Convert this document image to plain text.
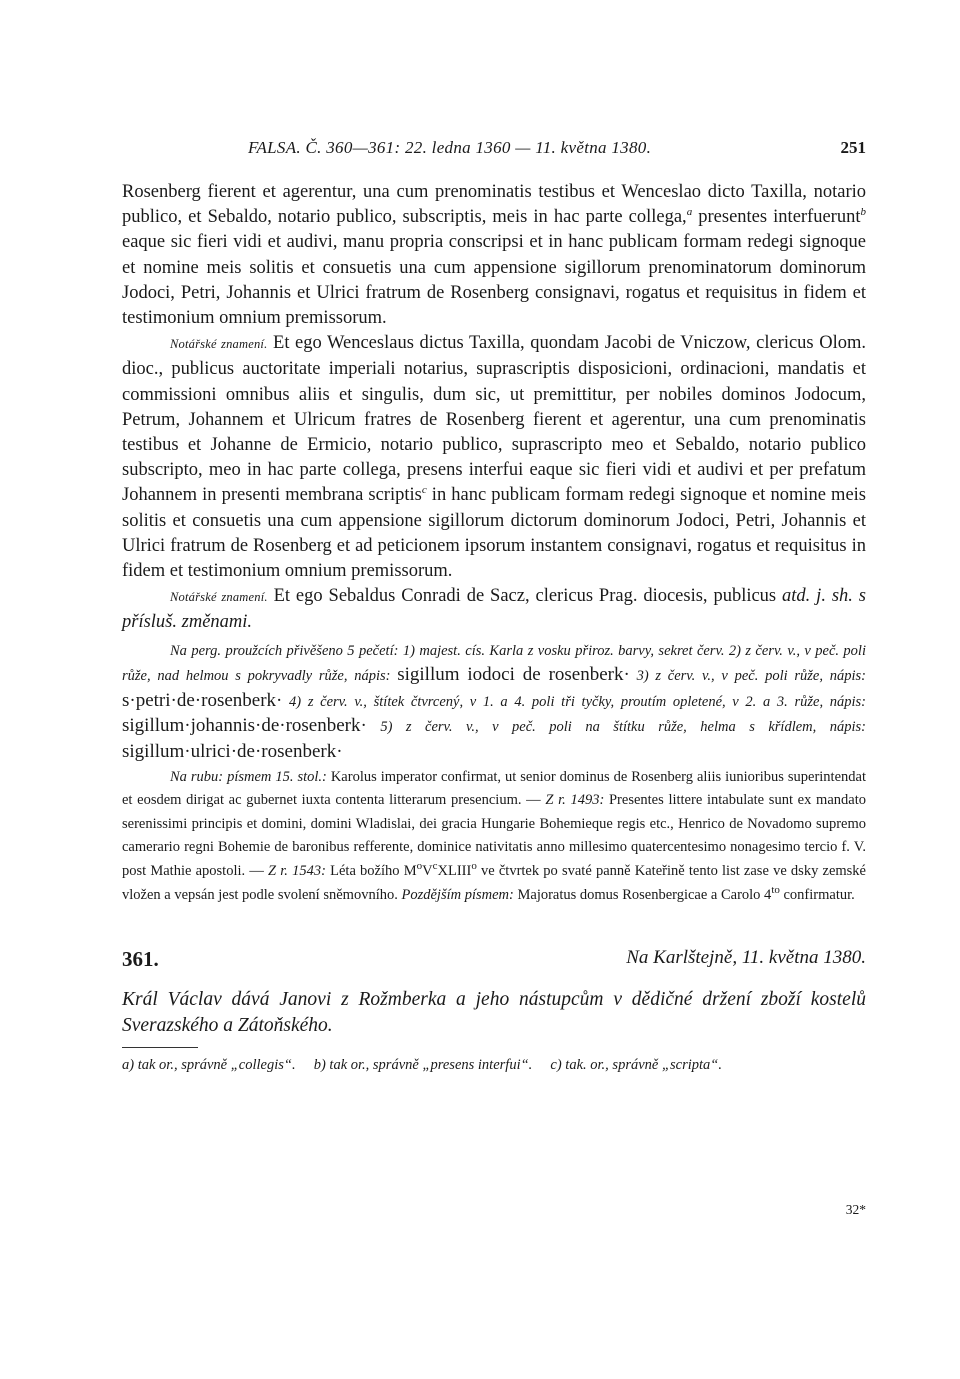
FALSA. Č. 360—361: 22. ledna 1360 — 11. května 1380.	251

Rosenberg fierent et agerentur, una cum prenominatis testibus et Wenceslao dicto Taxilla, notario publico, et Sebaldo, notario publico, subscriptis, meis in hac parte collega,$^a$ presentes interfuerunt$^b$ eaque sic fieri vidi et audivi, manu propria conscripsi et in hanc publicam formam redegi signoque et nomine meis solitis et consuetis una cum appensione sigillorum prenominatorum dominorum Jodoci, Petri, Johannis et Ulrici fratrum de Rosenberg consignavi, rogatus et requisitus in fidem et testimonium omnium premissorum.

Notářské znamení. Et ego Wenceslaus dictus Taxilla, quondam Jacobi de Vniczow, clericus Olom. dioc., publicus auctoritate imperiali notarius, suprascriptis disposicioni, ordinacioni, mandatis et commissioni omnibus aliis et singulis, dum sic, ut premittitur, per nobiles dominos Jodocum, Petrum, Johannem et Ulricum fratres de Rosenberg fierent et agerentur, una cum prenominatis testibus et Johanne de Ermicio, notario publico, suprascripto meo et Sebaldo, notario publico subscripto, meo in hac parte collega, presens interfui eaque sic fieri vidi et audivi et per prefatum Johannem in presenti membrana scriptis$^c$ in hanc publicam formam redegi signoque et nomine meis solitis et consuetis una cum appensione sigillorum dictorum dominorum Jodoci, Petri, Johannis et Ulrici fratrum de Rosenberg et ad peticionem ipsorum instantem consignavi, rogatus et requisitus in fidem et testimonium omnium premissorum.

Notářské znamení. Et ego Sebaldus Conradi de Sacz, clericus Prag. diocesis, publicus atd. j. sh. s přísluš. změnami.

Na perg. proužcích přivěšeno 5 pečetí: 1) majest. cís. Karla z vosku přiroz. barvy, sekret červ. 2) z červ. v., v peč. poli růže, nad helmou s pokryvadly růže, nápis: sigillum iodoci de rosenberk· 3) z červ. v., v peč. poli růže, nápis: s·petri·de·rosenberk· 4) z červ. v., štítek čtvrcený, v 1. a 4. poli tři tyčky, proutím opletené, v 2. a 3. růže, nápis: sigillum·johannis·de·rosenberk· 5) z červ. v., v peč. poli na štítku růže, helma s křídlem, nápis: sigillum·ulrici·de·rosenberk·

Na rubu: písmem 15. stol.: Karolus imperator confirmat, ut senior dominus de Rosenberg aliis iunioribus superintendat et eosdem dirigat ac gubernet iuxta contenta litterarum presencium. — Z r. 1493: Presentes littere intabulate sunt ex mandato serenissimi principis et domini, domini Wladislai, dei gracia Hungarie Bohemieque regis etc., Henrico de Novadomo supremo camerario regni Bohemie de baronibus refferente, dominice nativitatis anno millesimo quatercentesimo nonagesimo tercio f. V. post Mathie apostoli. — Z r. 1543: Léta božího $M^oV^cXLIII^o$ ve čtvrtek po svaté panně Kateřině tento list zase ve dsky zemské vložen a vepsán jest podle svolení sněmovního. Pozdějším písmem: Majoratus domus Rosenbergicae a Carolo $4^{to}$ confirmatur.

361.	Na Karlštejně, 11. května 1380.
Král Václav dává Janovi z Rožmberka a jeho nástupcům v dědičné držení zboží kostelů Sverazského a Zátoňského.
a) tak or., správně „collegis“.     b) tak or., správně „presens interfui“.     c) tak. or., správně „scripta“.
32*
